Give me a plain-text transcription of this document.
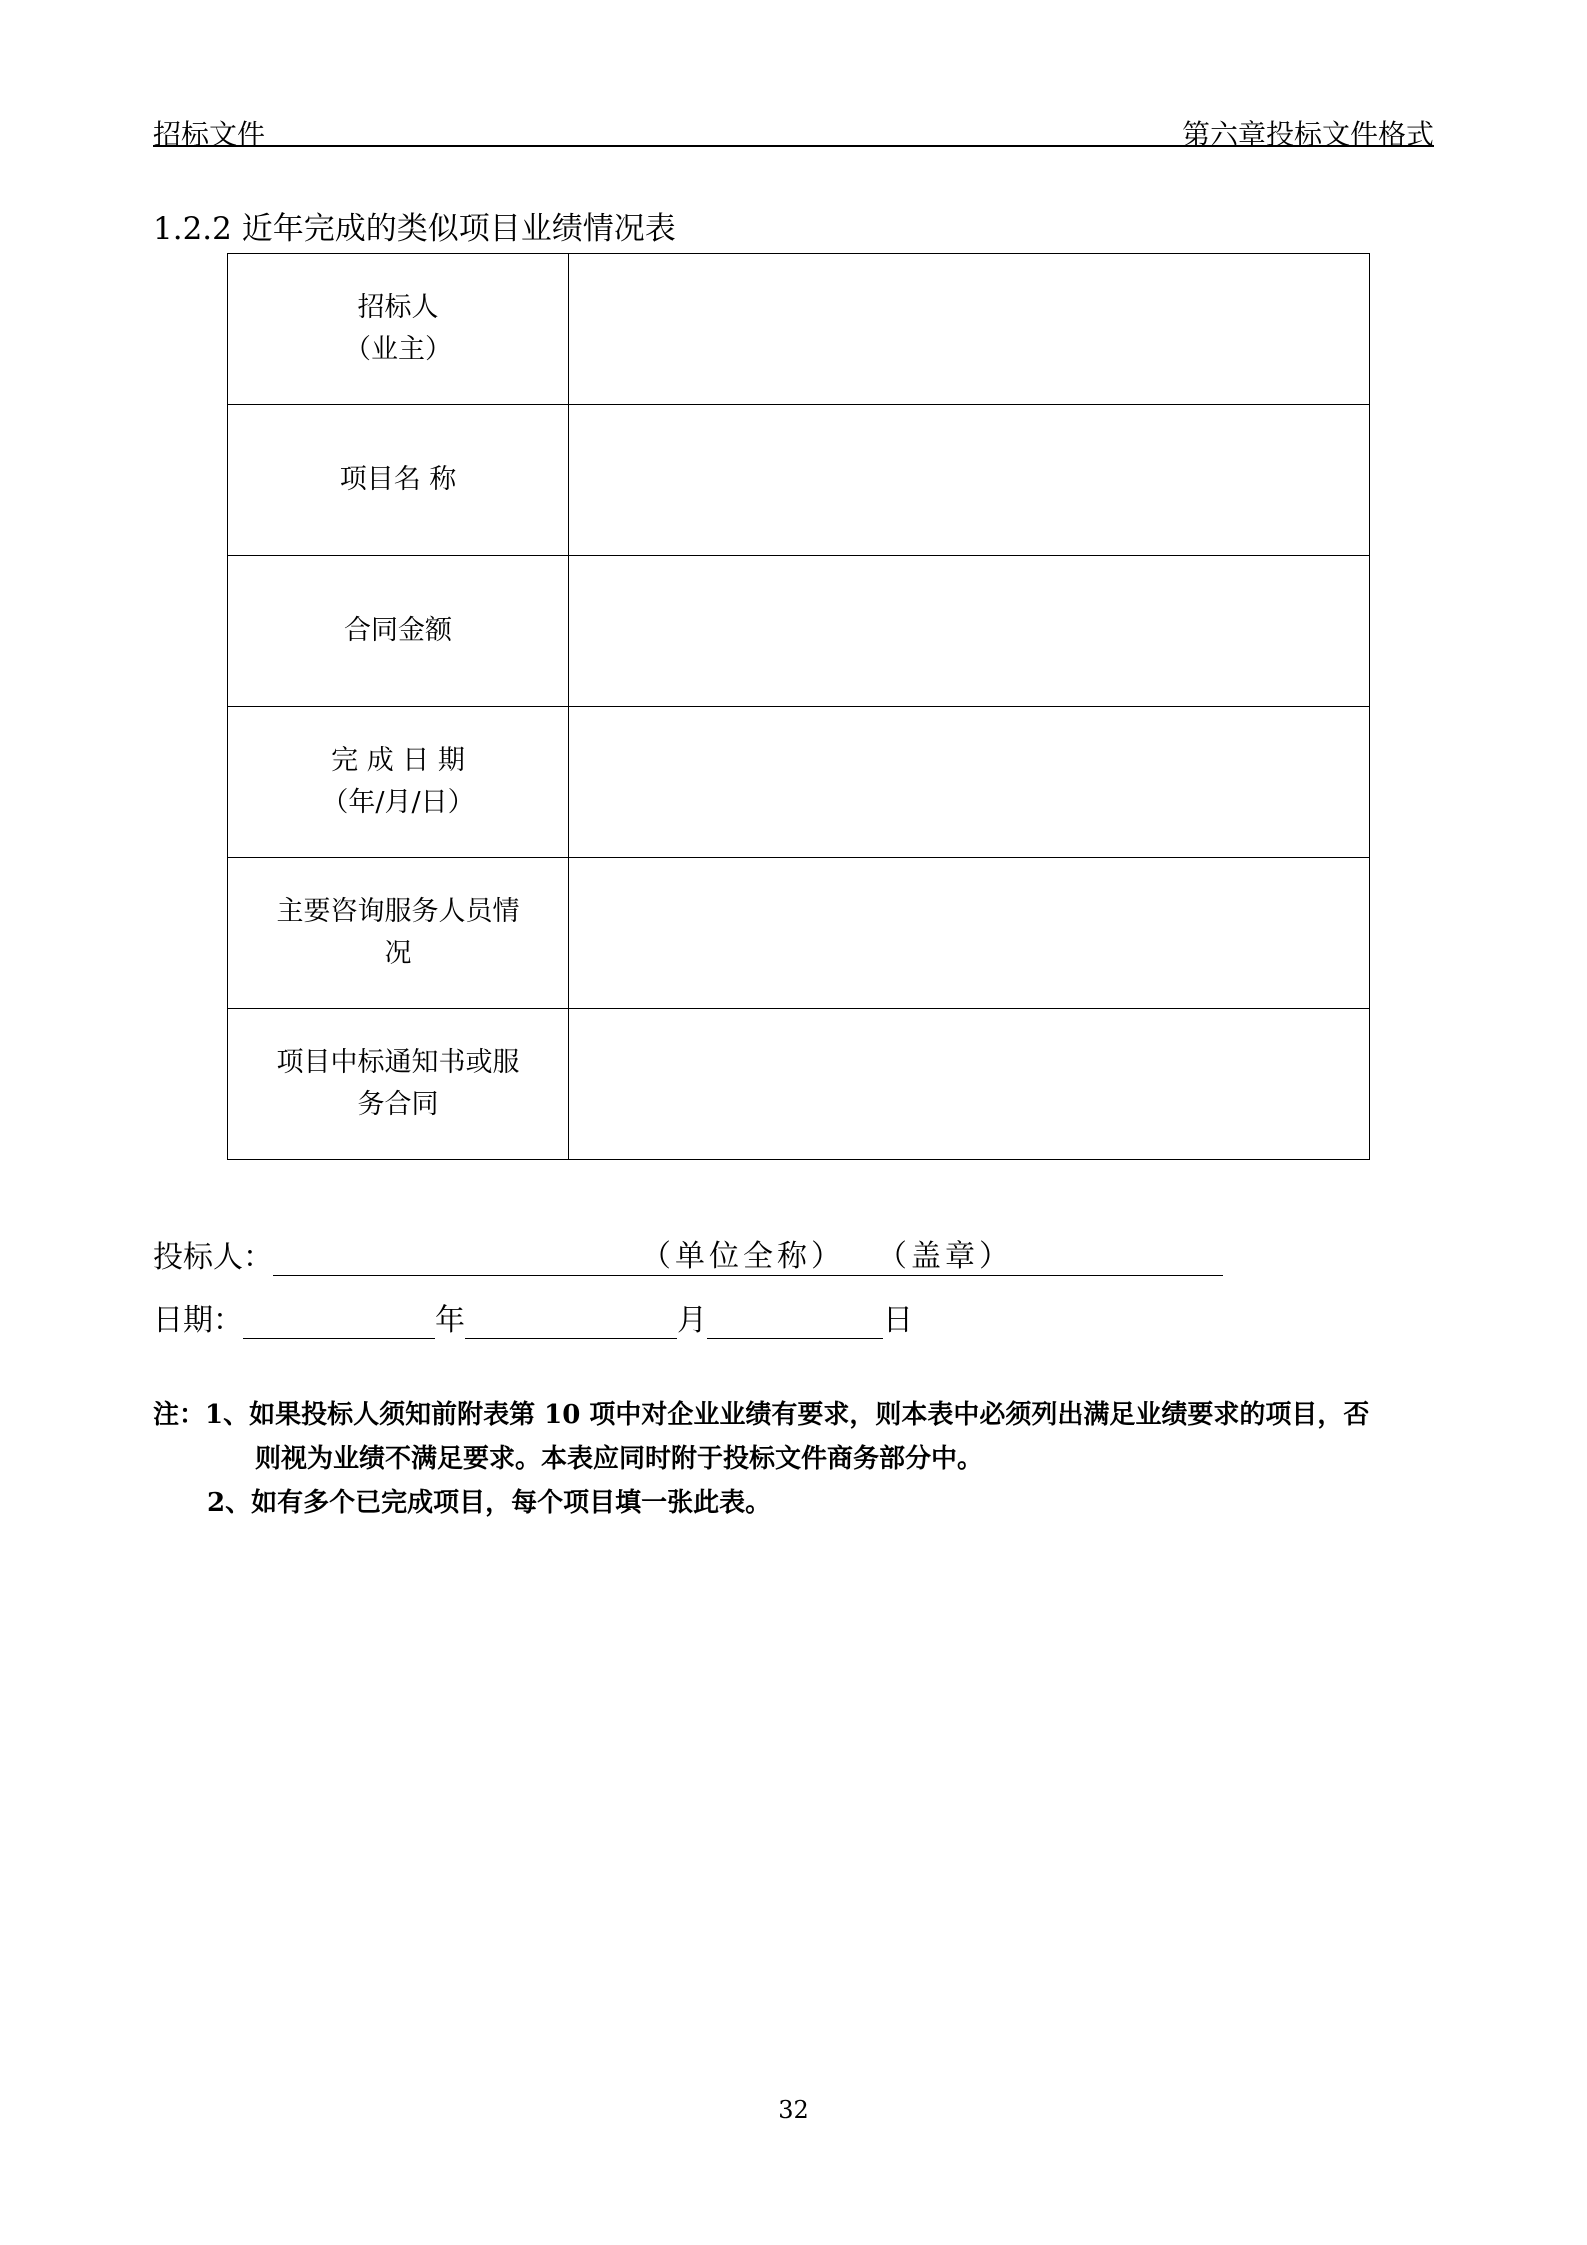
招标文件	第六章投标文件格式
1.2.2 近年完成的类似项目业绩情况表
招标人
（业主）	

项目名 称	

合同金额	

完 成 日 期
（年/月/日）	

主要咨询服务人员情
况	

项目中标通知书或服
务合同	

投标人：	（单位全称） （盖章）
日期：	年	月	日
注：1、如果投标人须知前附表第 10 项中对企业业绩有要求，则本表中必须列出满足业绩要求的项目，否
则视为业绩不满足要求。本表应同时附于投标文件商务部分中。
2、如有多个已完成项目，每个项目填一张此表。
32
